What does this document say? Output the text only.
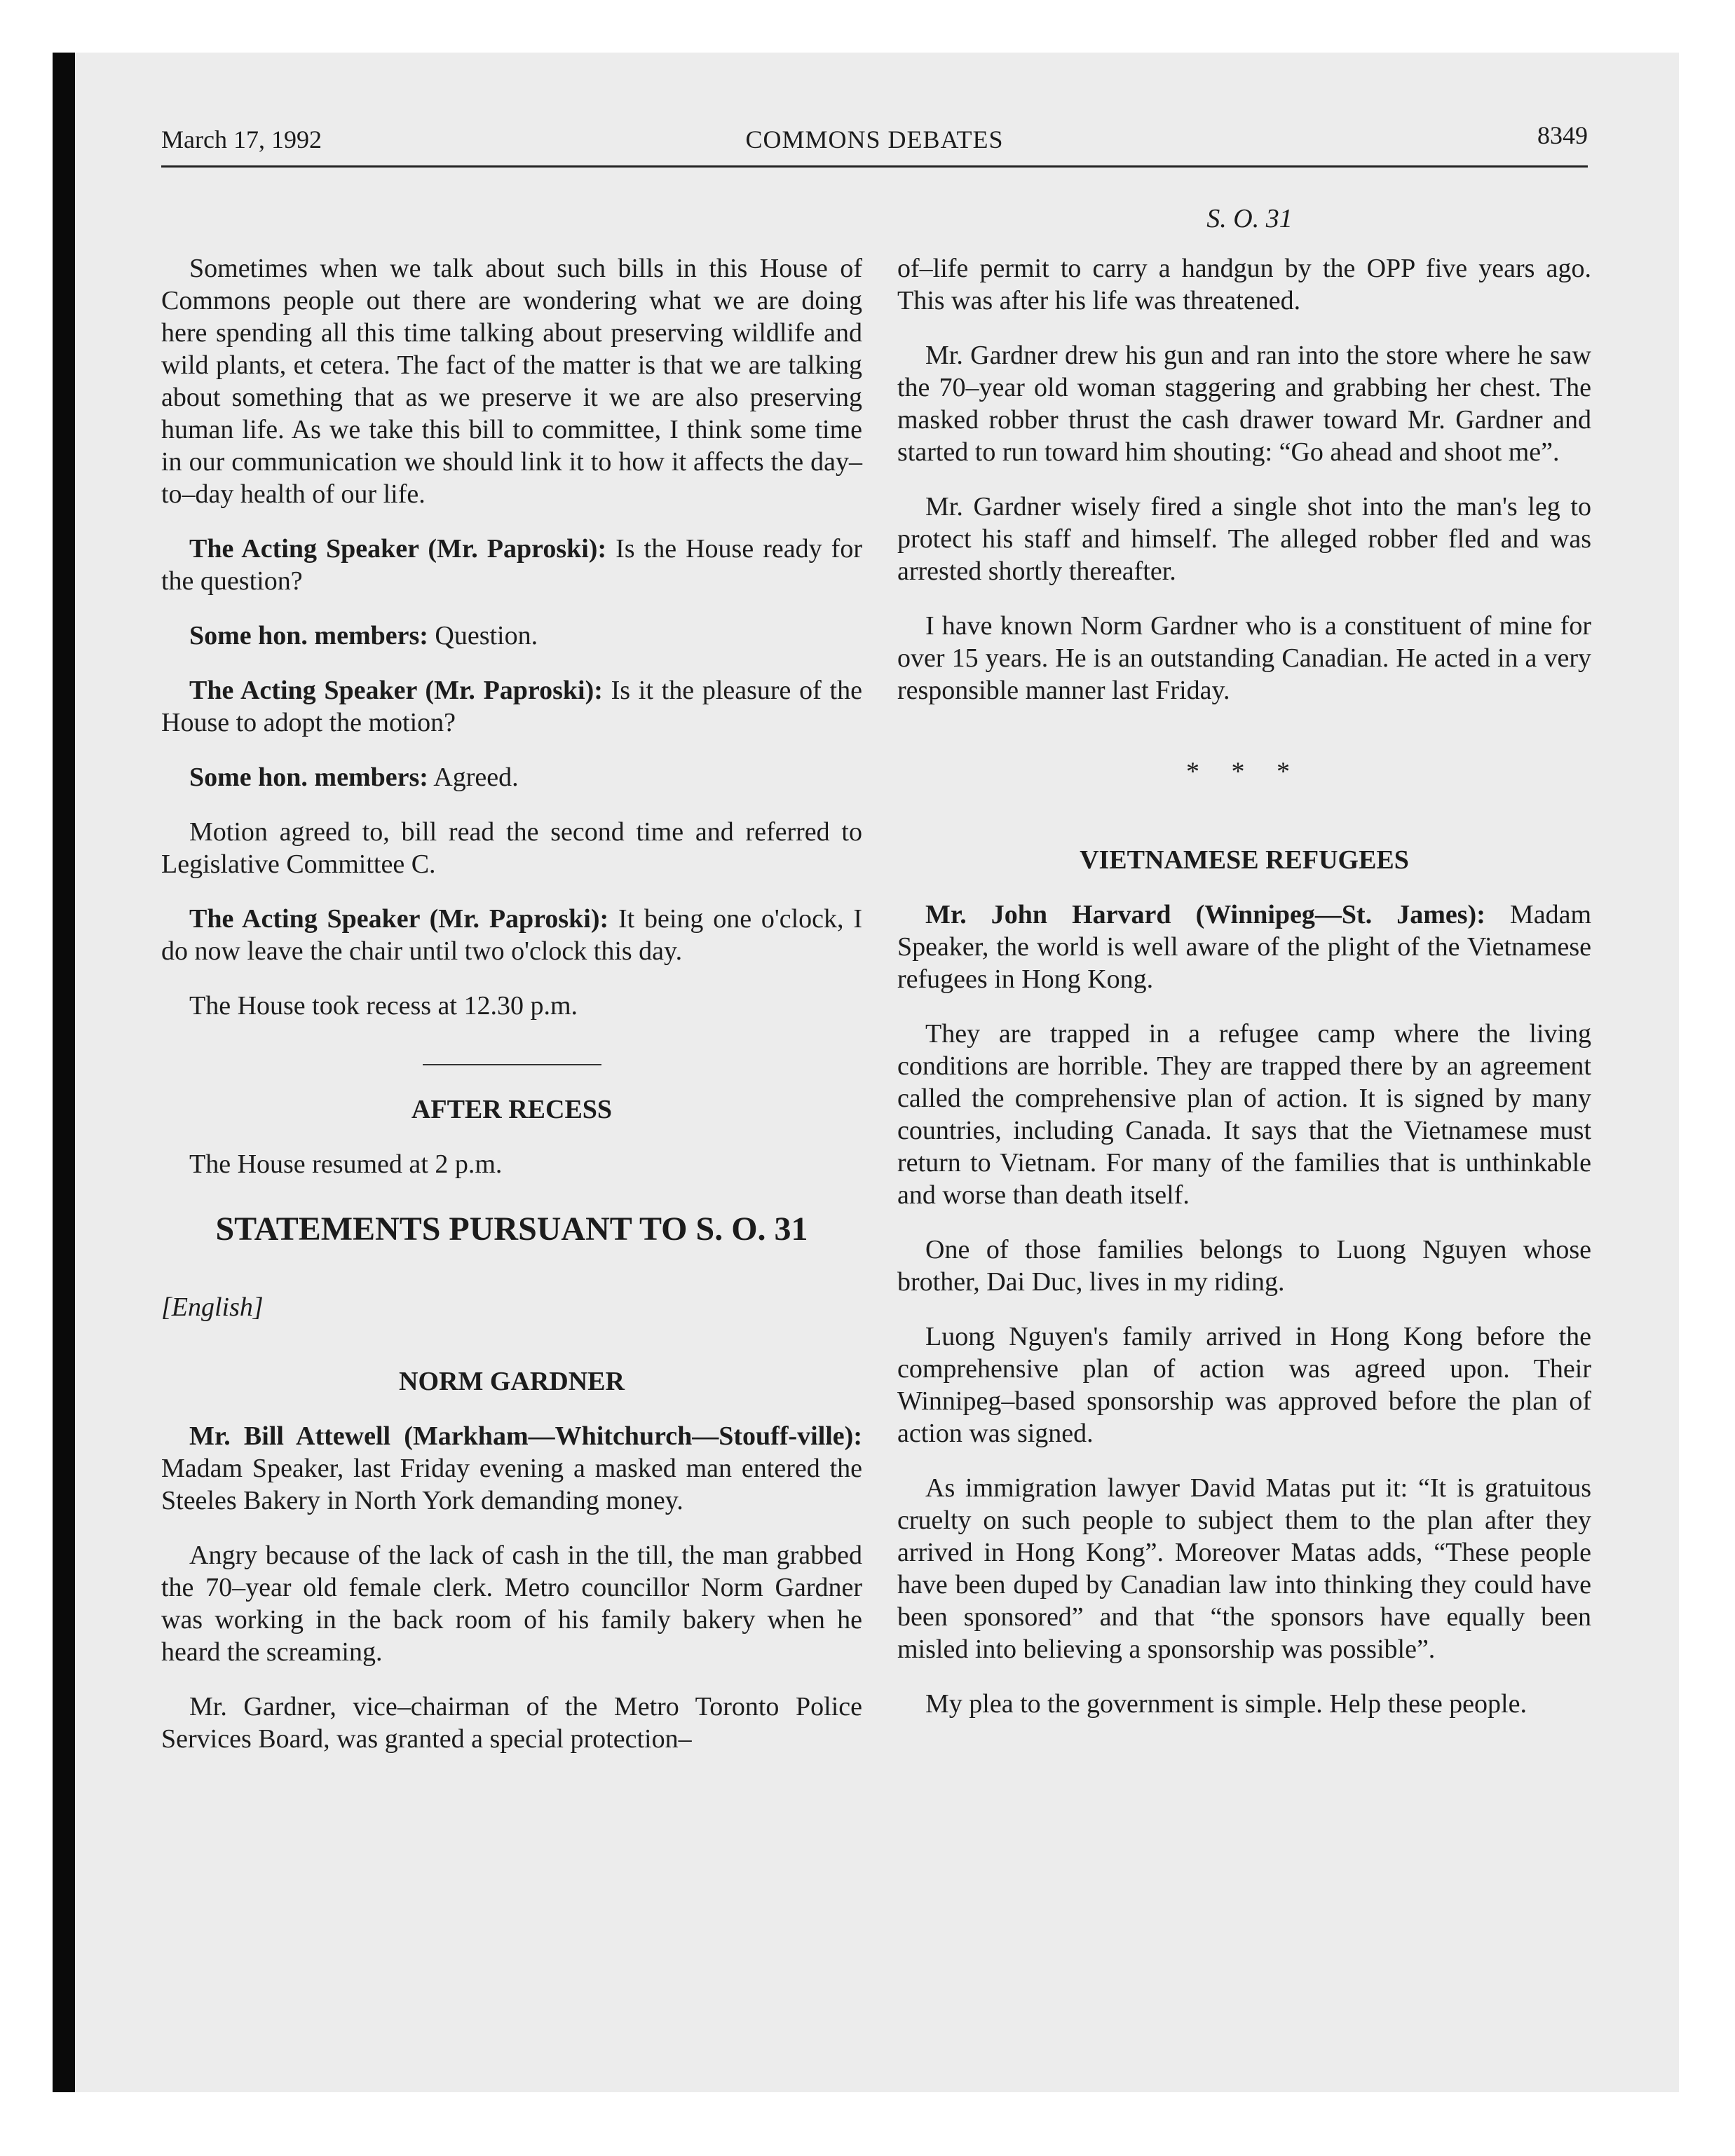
March 17, 1992	COMMONS DEBATES	8349
S. O. 31

Sometimes when we talk about such bills in this House of Commons people out there are wondering what we are doing here spending all this time talking about preserving wildlife and wild plants, et cetera. The fact of the matter is that we are talking about something that as we preserve it we are also preserving human life. As we take this bill to committee, I think some time in our communication we should link it to how it affects the day–to–day health of our life.

The Acting Speaker (Mr. Paproski): Is the House ready for the question?

Some hon. members: Question.

The Acting Speaker (Mr. Paproski): Is it the pleasure of the House to adopt the motion?

Some hon. members: Agreed.

Motion agreed to, bill read the second time and referred to Legislative Committee C.

The Acting Speaker (Mr. Paproski): It being one o'clock, I do now leave the chair until two o'clock this day.

The House took recess at 12.30 p.m.

AFTER RECESS

The House resumed at 2 p.m.

STATEMENTS PURSUANT TO S. O. 31
[English]
NORM GARDNER

Mr. Bill Attewell (Markham—Whitchurch—Stouff-ville): Madam Speaker, last Friday evening a masked man entered the Steeles Bakery in North York demanding money.

Angry because of the lack of cash in the till, the man grabbed the 70–year old female clerk. Metro councillor Norm Gardner was working in the back room of his family bakery when he heard the screaming.

Mr. Gardner, vice–chairman of the Metro Toronto Police Services Board, was granted a special protection–

of–life permit to carry a handgun by the OPP five years ago. This was after his life was threatened.

Mr. Gardner drew his gun and ran into the store where he saw the 70–year old woman staggering and grabbing her chest. The masked robber thrust the cash drawer toward Mr. Gardner and started to run toward him shouting: “Go ahead and shoot me”.

Mr. Gardner wisely fired a single shot into the man's leg to protect his staff and himself. The alleged robber fled and was arrested shortly thereafter.

I have known Norm Gardner who is a constituent of mine for over 15 years. He is an outstanding Canadian. He acted in a very responsible manner last Friday.

* * *
VIETNAMESE REFUGEES

Mr. John Harvard (Winnipeg—St. James): Madam Speaker, the world is well aware of the plight of the Vietnamese refugees in Hong Kong.

They are trapped in a refugee camp where the living conditions are horrible. They are trapped there by an agreement called the comprehensive plan of action. It is signed by many countries, including Canada. It says that the Vietnamese must return to Vietnam. For many of the families that is unthinkable and worse than death itself.

One of those families belongs to Luong Nguyen whose brother, Dai Duc, lives in my riding.

Luong Nguyen's family arrived in Hong Kong before the comprehensive plan of action was agreed upon. Their Winnipeg–based sponsorship was approved before the plan of action was signed.

As immigration lawyer David Matas put it: “It is gratuitous cruelty on such people to subject them to the plan after they arrived in Hong Kong”. Moreover Matas adds, “These people have been duped by Canadian law into thinking they could have been sponsored” and that “the sponsors have equally been misled into believing a sponsorship was possible”.

My plea to the government is simple. Help these people.
